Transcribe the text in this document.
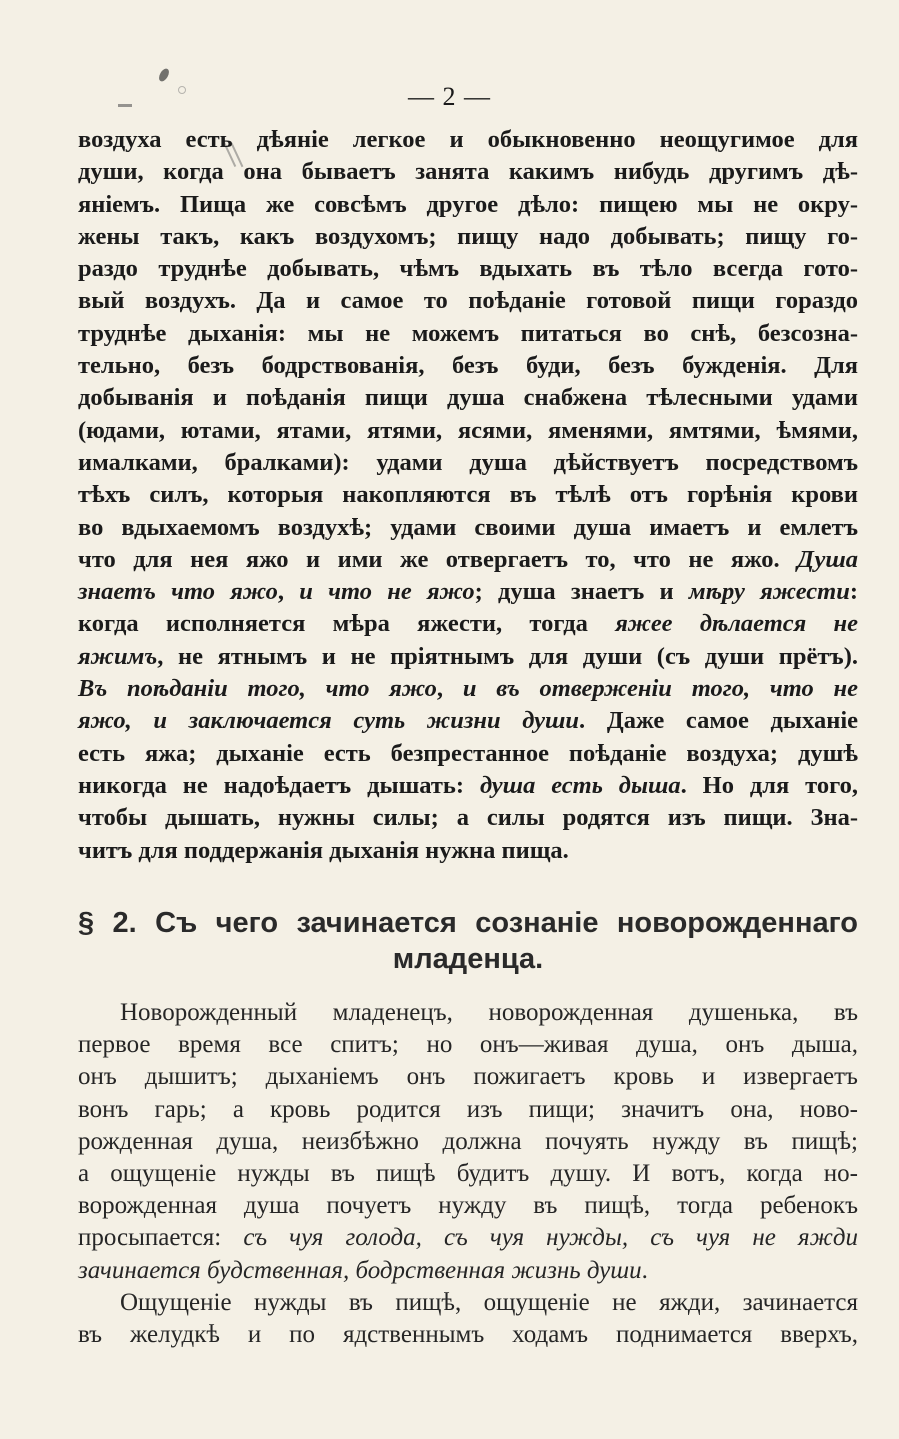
— 2 —
воздуха есть дѣяніе легкое и обыкновенно неощугимое для
души, когда она бываетъ занята какимъ нибудь другимъ дѣ-
яніемъ. Пища же совсѣмъ другое дѣло: пищею мы не окру-
жены такъ, какъ воздухомъ; пищу надо добывать; пищу го-
раздо труднѣе добывать, чѣмъ вдыхать въ тѣло всегда гото-
вый воздухъ. Да и самое то поѣданіе готовой пищи гораздо
труднѣе дыханія: мы не можемъ питаться во снѣ, безсозна-
тельно, безъ бодрствованія, безъ буди, безъ бужденія. Для
добыванія и поѣданія пищи душа снабжена тѣлесными удами
(юдами, ютами, ятами, ятями, ясями, яменями, ямтями, ѣмями,
ималками, бралками): удами душа дѣйствуетъ посредствомъ
тѣхъ силъ, которыя накопляются въ тѣлѣ отъ горѣнія крови
во вдыхаемомъ воздухѣ; удами своими душа имаетъ и емлетъ
что для нея яжо и ими же отвергаетъ то, что не яжо. Душа
знаетъ что яжо, и что не яжо; душа знаетъ и мѣру яжести:
когда исполняется мѣра яжести, тогда яжее дѣлается не
яжимъ, не ятнымъ и не пріятнымъ для души (съ души прётъ).
Въ поѣданіи того, что яжо, и въ отверженіи того, что не
яжо, и заключается суть жизни души. Даже самое дыханіе
есть яжа; дыханіе есть безпрестанное поѣданіе воздуха; душѣ
никогда не надоѣдаетъ дышать: душа есть дыша. Но для того,
чтобы дышать, нужны силы; а силы родятся изъ пищи. Зна-
читъ для поддержанія дыханія нужна пища.
§ 2. Съ чего зачинается сознаніе новорожденнаго
младенца.
Новорожденный младенецъ, новорожденная душенька, въ
первое время все спитъ; но онъ—живая душа, онъ дыша,
онъ дышитъ; дыханіемъ онъ пожигаетъ кровь и извергаетъ
вонъ гарь; а кровь родится изъ пищи; значитъ она, ново-
рожденная душа, неизбѣжно должна почуять нужду въ пищѣ;
а ощущеніе нужды въ пищѣ будитъ душу. И вотъ, когда но-
ворожденная душа почуетъ нужду въ пищѣ, тогда ребенокъ
просыпается: съ чуя голода, съ чуя нужды, съ чуя не яжди
зачинается будственная, бодрственная жизнь души.
Ощущеніе нужды въ пищѣ, ощущеніе не яжди, зачинается
въ желудкѣ и по ядственнымъ ходамъ поднимается вверхъ,
